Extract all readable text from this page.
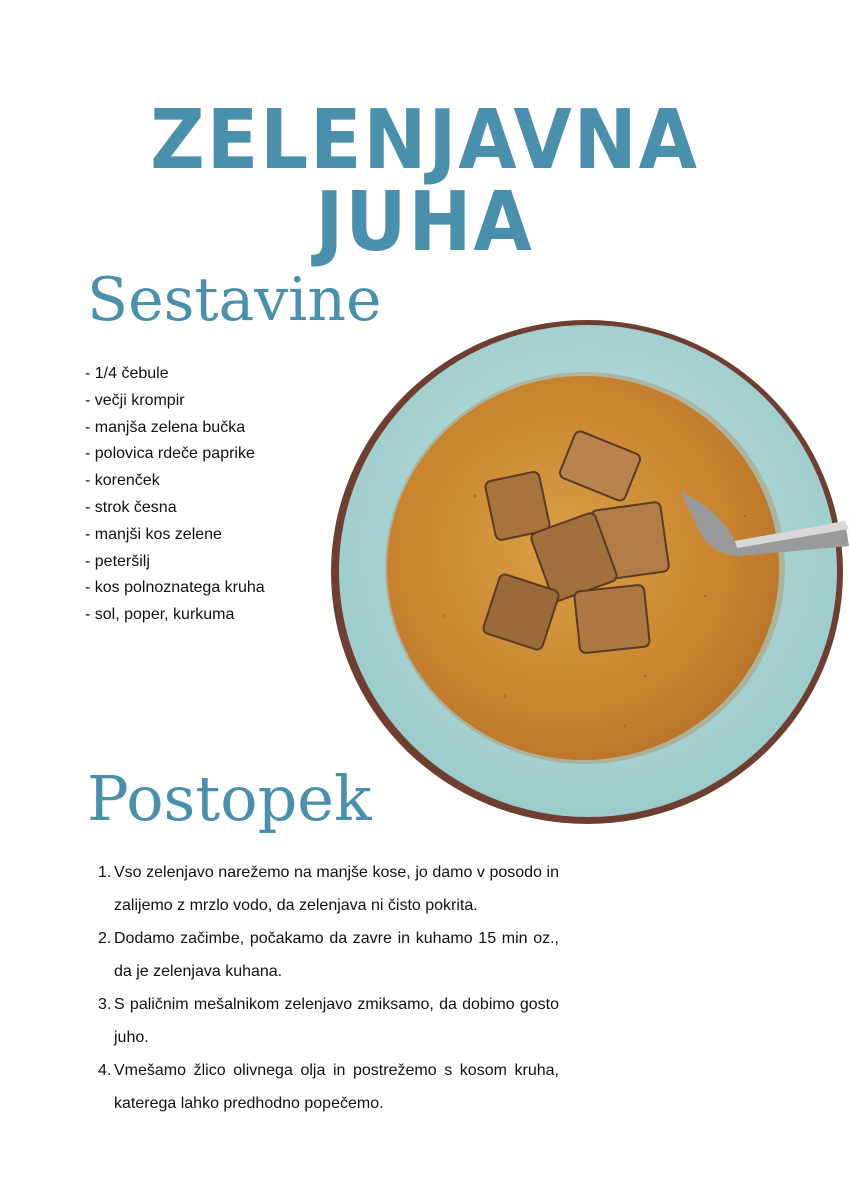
ZELENJAVNA JUHA
Sestavine
- 1/4 čebule
- večji krompir
- manjša zelena bučka
- polovica rdeče paprike
- korenček
- strok česna
- manjši kos zelene
- peteršilj
- kos polnoznatega kruha
- sol, poper, kurkuma
Postopek
1. Vso zelenjavo narežemo na manjše kose, jo damo v posodo in zalijemo z mrzlo vodo, da zelenjava ni čisto pokrita.
2. Dodamo začimbe, počakamo da zavre in kuhamo 15 min oz., da je zelenjava kuhana.
3. S paličnim mešalnikom zelenjavo zmiksamo, da dobimo gosto juho.
4. Vmešamo žlico olivnega olja in postrežemo s kosom kruha, katerega lahko predhodno popečemo.
